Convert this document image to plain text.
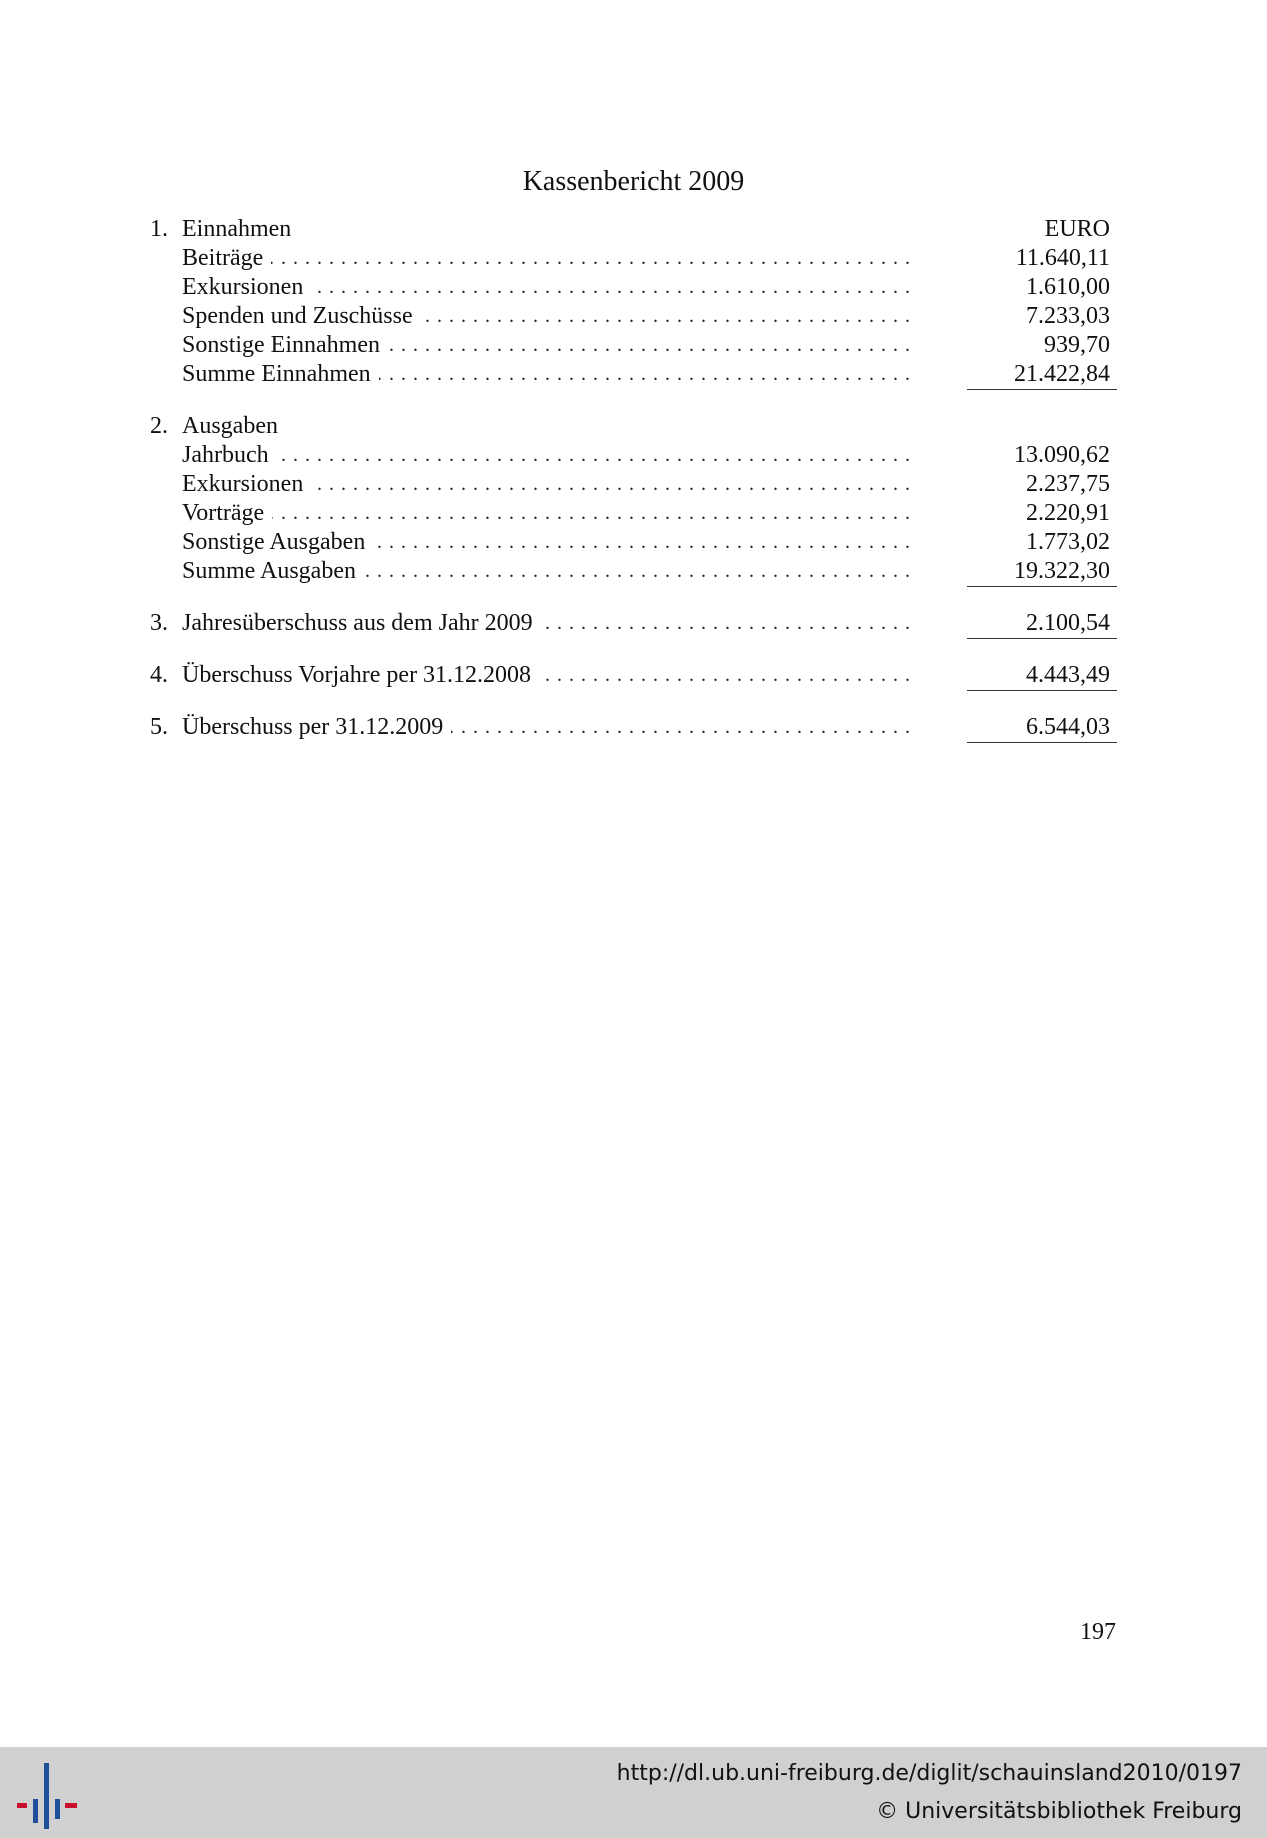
Kassenbericht 2009
1. Einnahmen	EURO
. . .
Beiträge	11.640,11
. . .
Exkursionen	1.610,00
. . .
Spenden und Zuschüsse	7.233,03
. . .
Sonstige Einnahmen	939,70
. . .
Summe Einnahmen	21.422,84
2. Ausgaben
. . .
Jahrbuch	13.090,62
. . .
Exkursionen	2.237,75
. . .
Vorträge	2.220,91
. . .
Sonstige Ausgaben	1.773,02
. . .
Summe Ausgaben	19.322,30
3. . . . Jahresüberschuss aus dem Jahr 2009	2.100,54
4. . . . Überschuss Vorjahre per 31.12.2008	4.443,49
5. . . . Überschuss per 31.12.2009	6.544,03
197
http://dl.ub.uni-freiburg.de/diglit/schauinsland2010/0197
© Universitätsbibliothek Freiburg
